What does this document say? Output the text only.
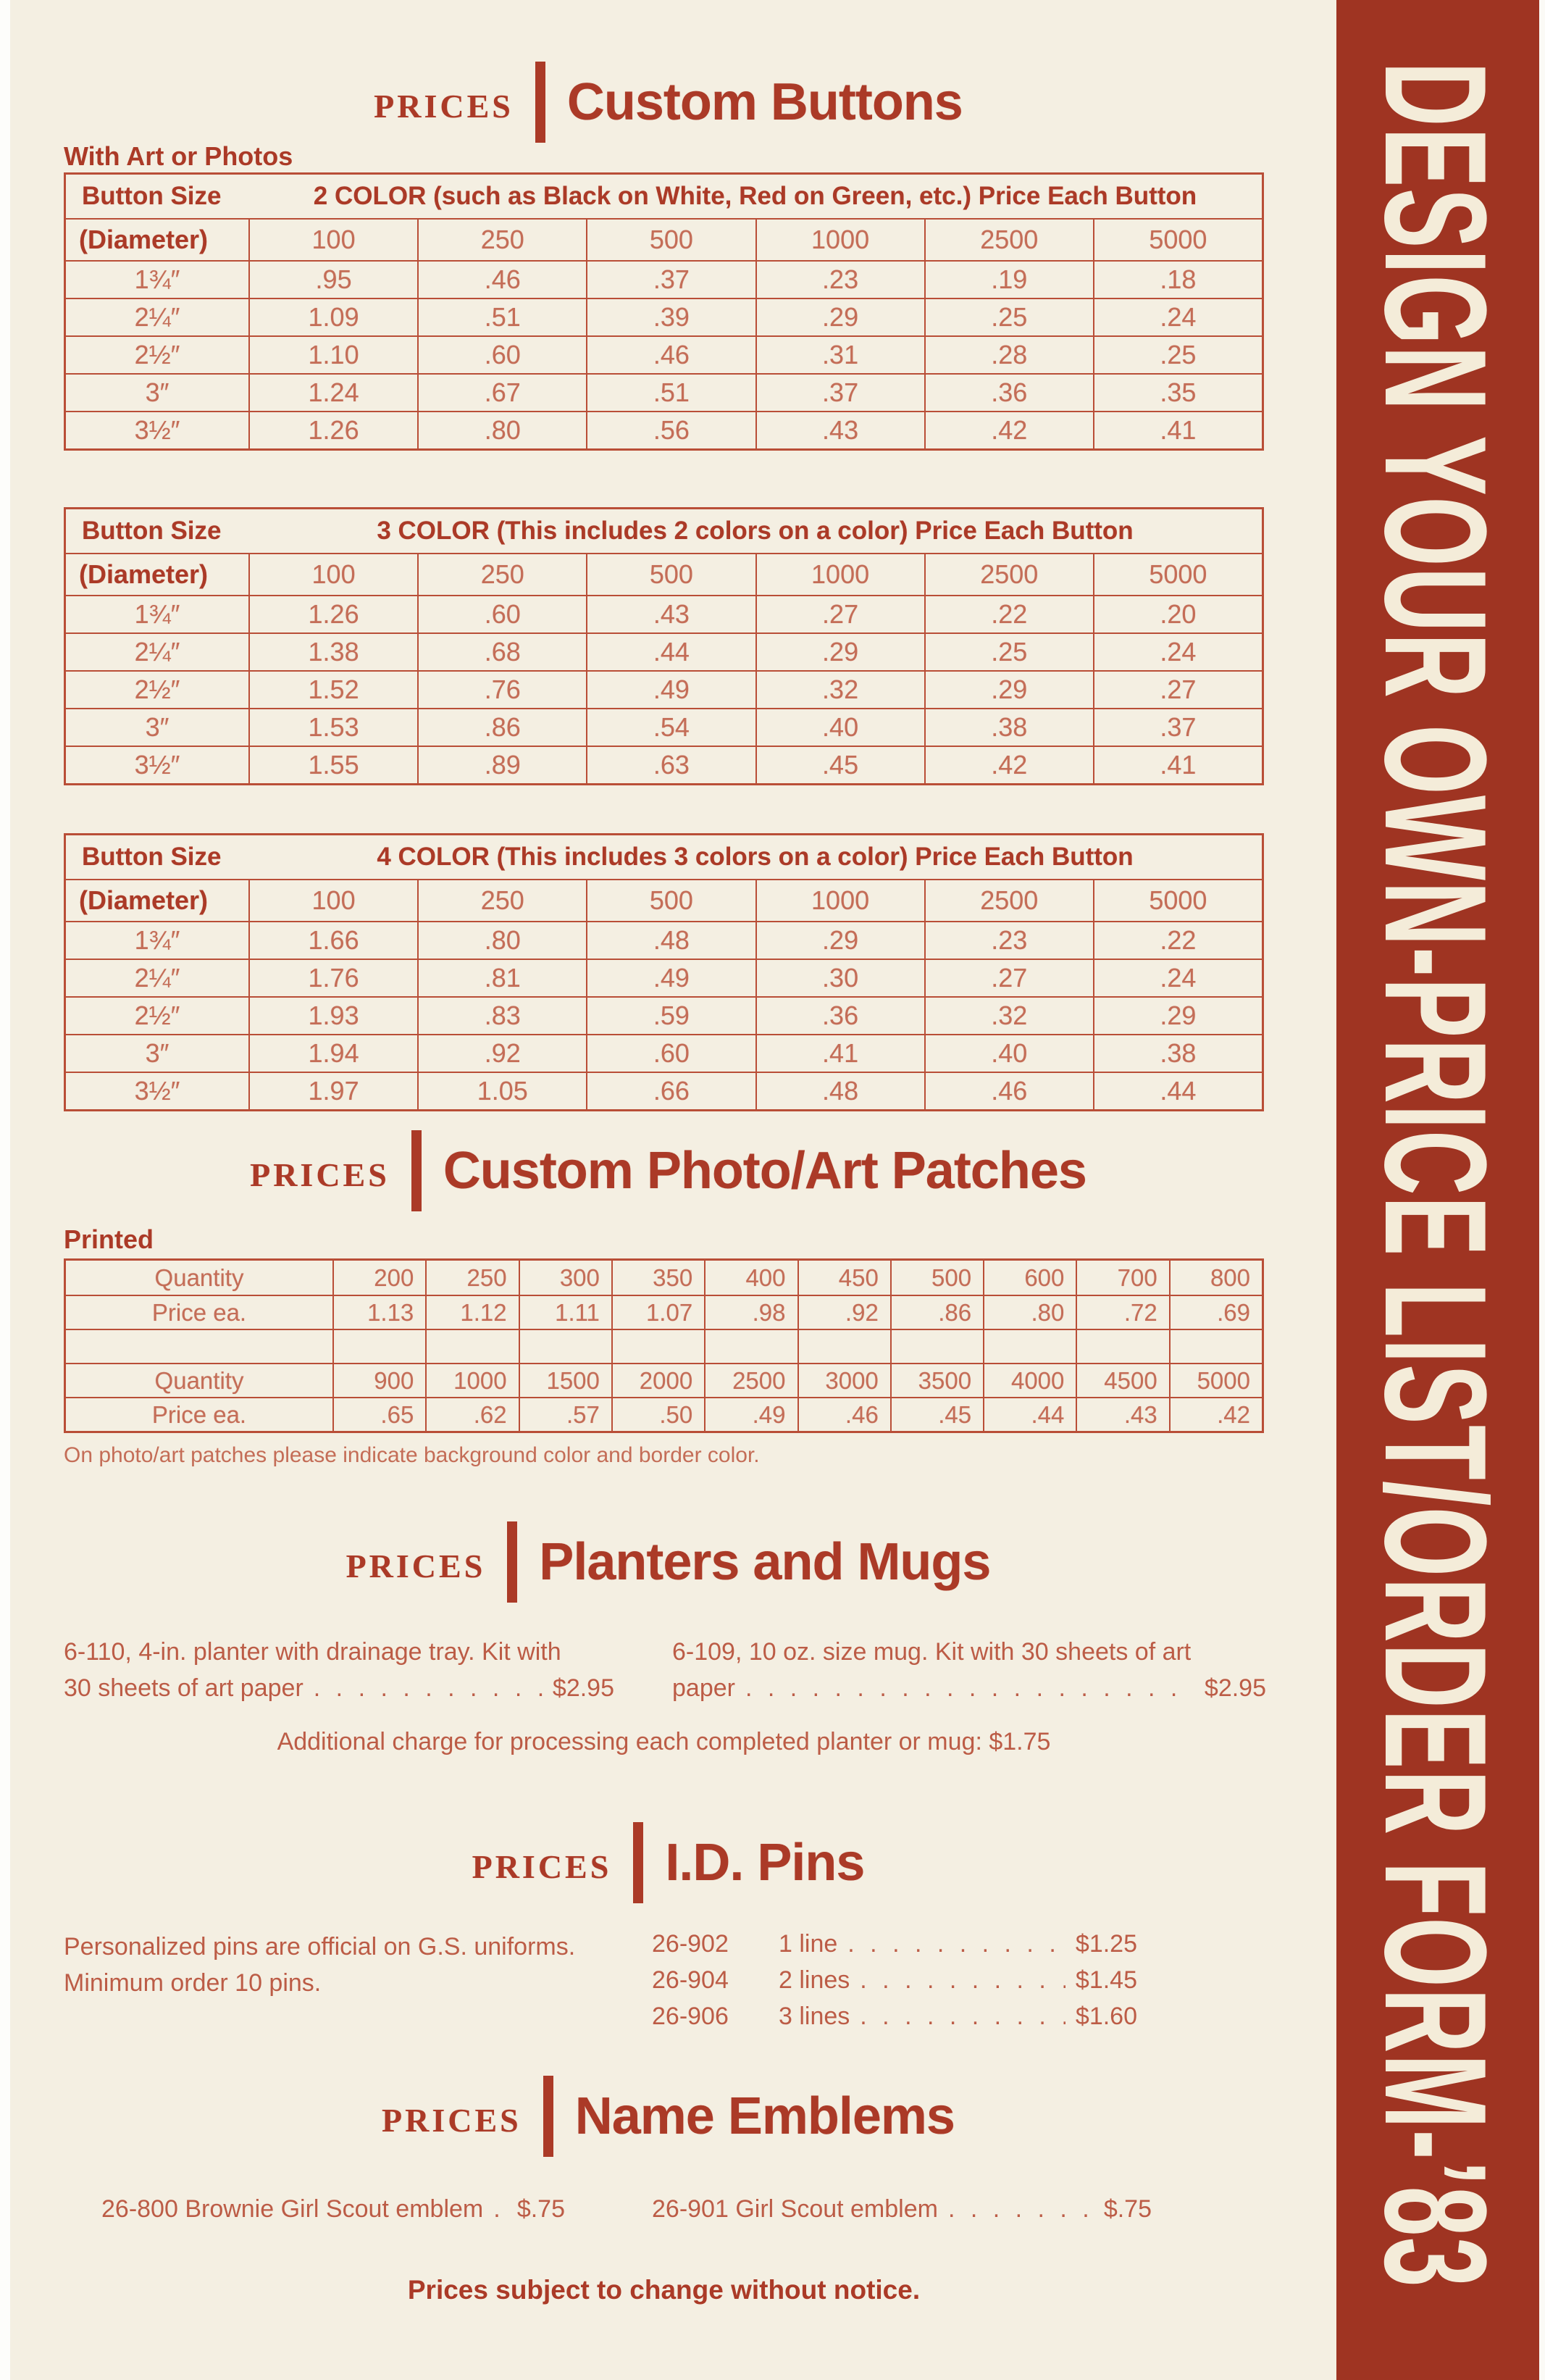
PRICES Custom Buttons
With Art or Photos
Button Size	2 COLOR (such as Black on White, Red on Green, etc.) Price Each Button
(Diameter)	100	250	500	1000	2500	5000
1¾″	.95	.46	.37	.23	.19	.18
2¼″	1.09	.51	.39	.29	.25	.24
2½″	1.10	.60	.46	.31	.28	.25
3″	1.24	.67	.51	.37	.36	.35
3½″	1.26	.80	.56	.43	.42	.41
Button Size	3 COLOR (This includes 2 colors on a color) Price Each Button
(Diameter)	100	250	500	1000	2500	5000
1¾″	1.26	.60	.43	.27	.22	.20
2¼″	1.38	.68	.44	.29	.25	.24
2½″	1.52	.76	.49	.32	.29	.27
3″	1.53	.86	.54	.40	.38	.37
3½″	1.55	.89	.63	.45	.42	.41
Button Size	4 COLOR (This includes 3 colors on a color) Price Each Button
(Diameter)	100	250	500	1000	2500	5000
1¾″	1.66	.80	.48	.29	.23	.22
2¼″	1.76	.81	.49	.30	.27	.24
2½″	1.93	.83	.59	.36	.32	.29
3″	1.94	.92	.60	.41	.40	.38
3½″	1.97	1.05	.66	.48	.46	.44
PRICES Custom Photo/Art Patches
Printed
Quantity	200	250	300	350	400	450	500	600	700	800
Price ea.	1.13	1.12	1.11	1.07	.98	.92	.86	.80	.72	.69
Quantity	900	1000	1500	2000	2500	3000	3500	4000	4500	5000
Price ea.	.65	.62	.57	.50	.49	.46	.45	.44	.43	.42
On photo/art patches please indicate background color and border color.
PRICES Planters and Mugs
6-110, 4-in. planter with drainage tray. Kit with
30 sheets of art paper . . .	$2.95
6-109, 10 oz. size mug. Kit with 30 sheets of art
paper . . .	$2.95
Additional charge for processing each completed planter or mug: $1.75
PRICES I.D. Pins
Personalized pins are official on G.S. uniforms.
Minimum order 10 pins.
26-902	1 line . . .	$1.25
26-904	2 lines . . .	$1.45
26-906	3 lines . . .	$1.60
PRICES Name Emblems
26-800 Brownie Girl Scout emblem . . . $.75	26-901 Girl Scout emblem . . .	$.75
Prices subject to change without notice.
DESIGN YOUR OWN-PRICE LIST/ORDER FORM-’83
